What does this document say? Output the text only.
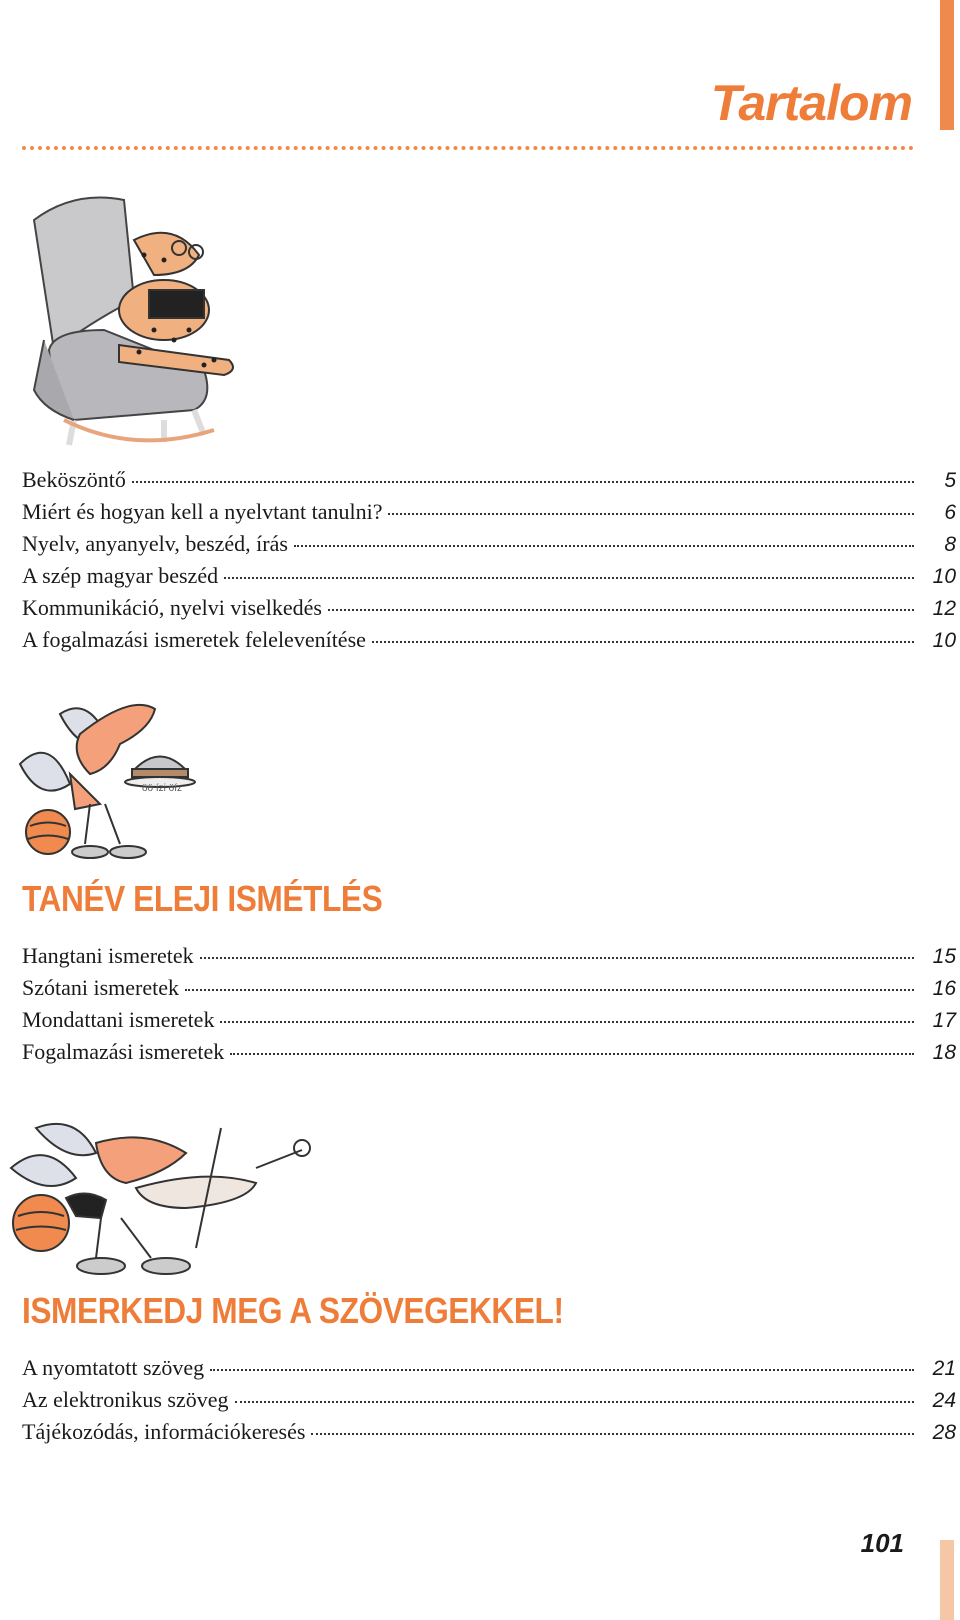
Tartalom
Beköszöntő	5
Miért és hogyan kell a nyelvtant tanulni?	6
Nyelv, anyanyelv, beszéd, írás	8
A szép magyar beszéd	10
Kommunikáció, nyelvi viselkedés	12
A fogalmazási ismeretek felelevenítése	10
öö ízi öíz
TANÉV ELEJI ISMÉTLÉS
Hangtani ismeretek	15
Szótani ismeretek	16
Mondattani ismeretek	17
Fogalmazási ismeretek	18
ISMERKEDJ MEG A SZÖVEGEKKEL!
A nyomtatott szöveg	21
Az elektronikus szöveg	24
Tájékozódás, információkeresés	28
101
